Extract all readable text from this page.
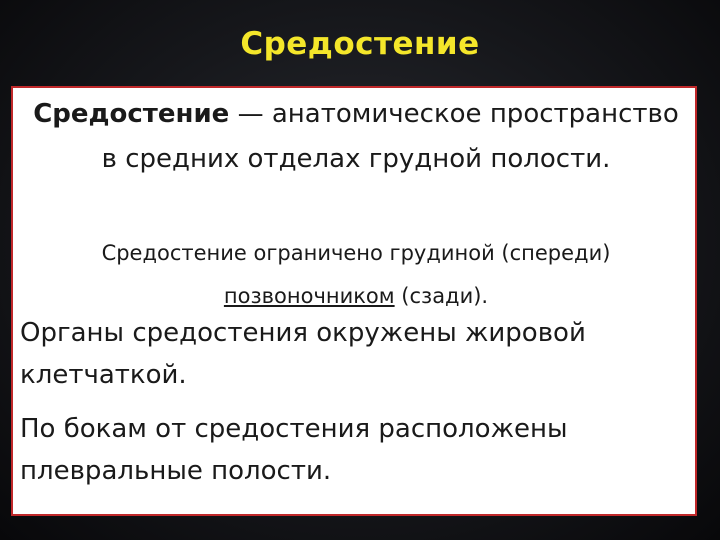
Средостение
Средостение — анатомическое пространство в средних отделах грудной полости.
Средостение ограничено грудиной (спереди) позвоночником (сзади).
Органы средостения окружены жировой клетчаткой.
По бокам от средостения расположены плевральные полости.
